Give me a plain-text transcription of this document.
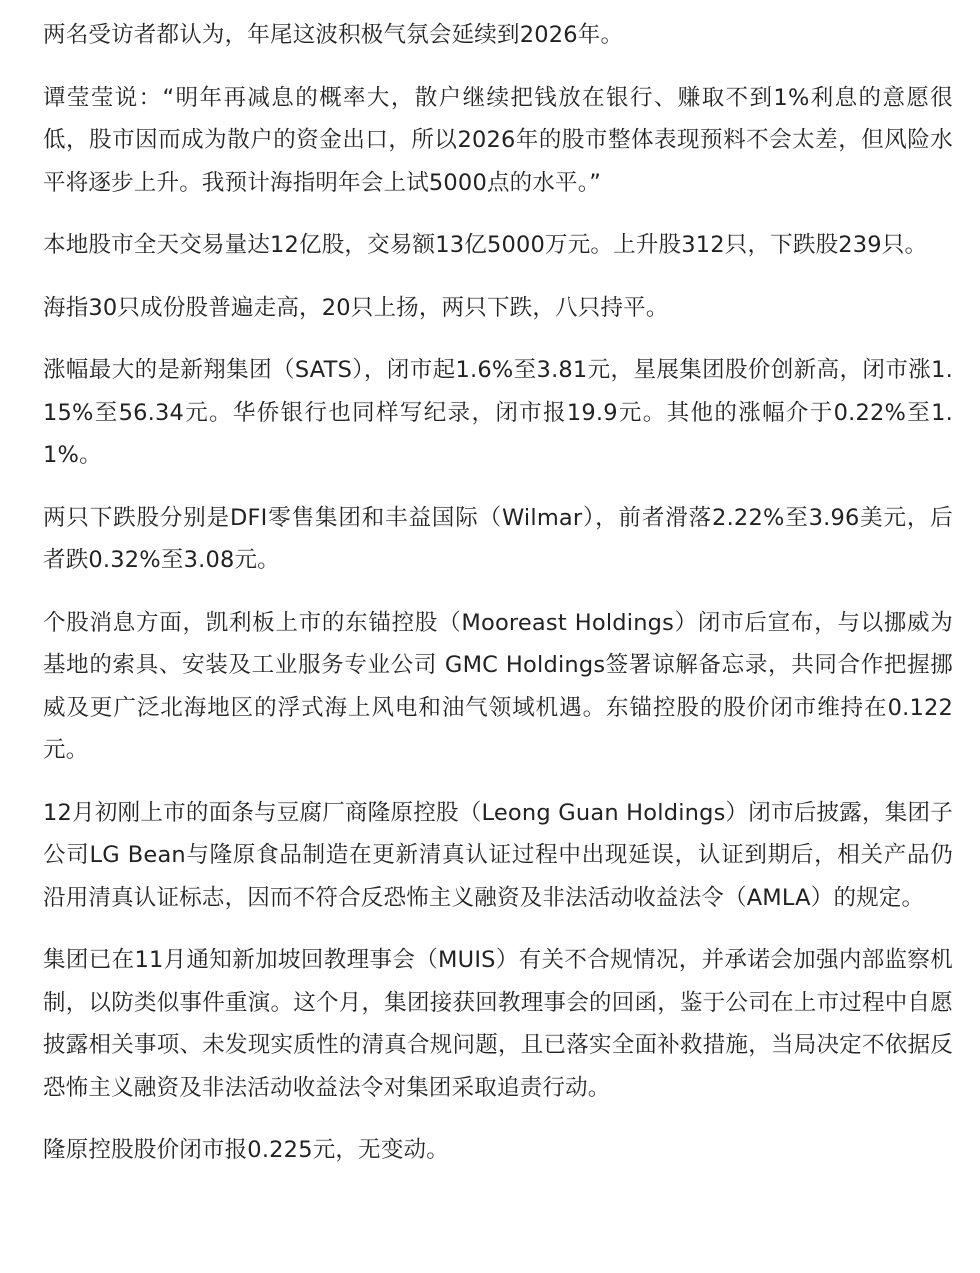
两名受访者都认为，年尾这波积极气氛会延续到2026年。

谭莹莹说：“明年再减息的概率大，散户继续把钱放在银行、赚取不到1%利息的意愿很低，股市因而成为散户的资金出口，所以2026年的股市整体表现预料不会太差，但风险水平将逐步上升。我预计海指明年会上试5000点的水平。”

本地股市全天交易量达12亿股，交易额13亿5000万元。上升股312只，下跌股239只。

海指30只成份股普遍走高，20只上扬，两只下跌，八只持平。

涨幅最大的是新翔集团（SATS），闭市起1.6%至3.81元，星展集团股价创新高，闭市涨1.15%至56.34元。华侨银行也同样写纪录，闭市报19.9元。其他的涨幅介于0.22%至1.1%。

两只下跌股分别是DFI零售集团和丰益国际（Wilmar），前者滑落2.22%至3.96美元，后者跌0.32%至3.08元。

个股消息方面，凯利板上市的东锚控股（Mooreast Holdings）闭市后宣布，与以挪威为基地的索具、安装及工业服务专业公司 GMC Holdings签署谅解备忘录，共同合作把握挪威及更广泛北海地区的浮式海上风电和油气领域机遇。东锚控股的股价闭市维持在0.122元。

12月初刚上市的面条与豆腐厂商隆原控股（Leong Guan Holdings）闭市后披露，集团子公司LG Bean与隆原食品制造在更新清真认证过程中出现延误，认证到期后，相关产品仍沿用清真认证标志，因而不符合反恐怖主义融资及非法活动收益法令（AMLA）的规定。

集团已在11月通知新加坡回教理事会（MUIS）有关不合规情况，并承诺会加强内部监察机制，以防类似事件重演。这个月，集团接获回教理事会的回函，鉴于公司在上市过程中自愿披露相关事项、未发现实质性的清真合规问题，且已落实全面补救措施，当局决定不依据反恐怖主义融资及非法活动收益法令对集团采取追责行动。

隆原控股股价闭市报0.225元，无变动。
